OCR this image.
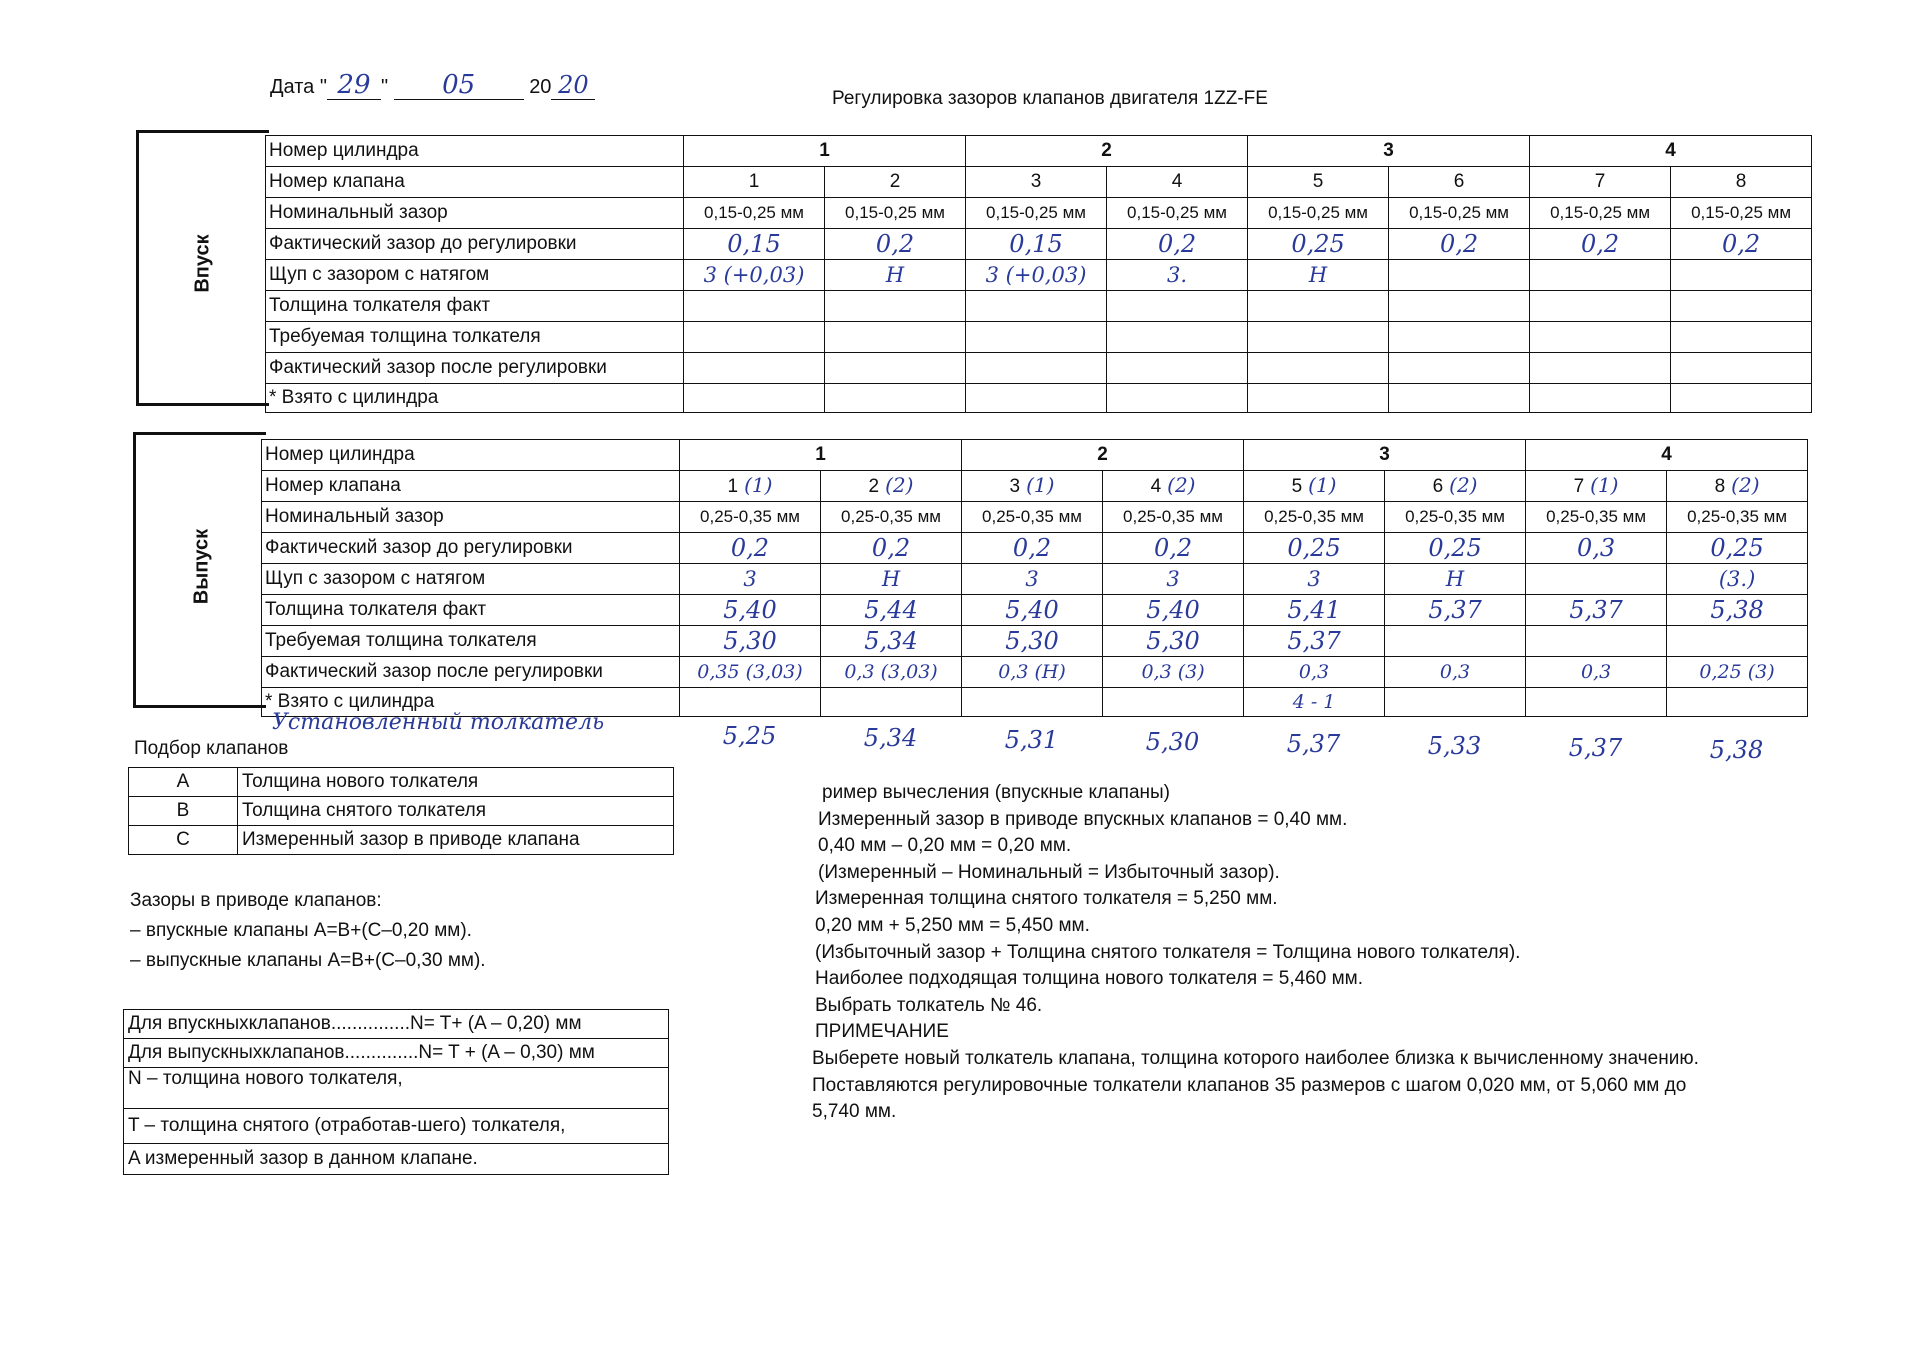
Дата " 29 " 05	20 20	Регулировка зазоров клапанов двигателя 1ZZ-FE
Впуск
Номер цилиндра	1		2		3		4	
Номер клапана	1	2	3	4	5	6	7	8
Номинальный зазор	0,15-0,25 мм	0,15-0,25 мм	0,15-0,25 мм	0,15-0,25 мм	0,15-0,25 мм	0,15-0,25 мм	0,15-0,25 мм	0,15-0,25 мм
Фактический зазор до регулировки	0,15	0,2	0,15	0,2	0,25	0,2	0,2	0,2
Щуп с зазором с натягом	3 (+0,03)	Н	3 (+0,03)	3.	Н			
Толщина толкателя факт								
Требуемая толщина толкателя								
Фактический зазор после регулировки								
* Взято с цилиндра								
Выпуск
Номер цилиндра	1		2		3		4	
Номер клапана	1 (1)	2 (2)	3 (1)	4 (2)	5 (1)	6 (2)	7 (1)	8 (2)
Номинальный зазор	0,25-0,35 мм	0,25-0,35 мм	0,25-0,35 мм	0,25-0,35 мм	0,25-0,35 мм	0,25-0,35 мм	0,25-0,35 мм	0,25-0,35 мм
Фактический зазор до регулировки	0,2	0,2	0,2	0,2	0,25	0,25	0,3	0,25
Щуп с зазором с натягом	3	Н	3	3	3	Н		(3.)
Толщина толкателя факт	5,40	5,44	5,40	5,40	5,41	5,37	5,37	5,38
Требуемая толщина толкателя	5,30	5,34	5,30	5,30	5,37			
Фактический зазор после регулировки	0,35 (3,03)	0,3 (3,03)	0,3 (Н)	0,3 (3)	0,3	0,3	0,3	0,25 (3)
* Взято с цилиндра					4 - 1			
Установленный толкатель	5,25	5,34	5,31	5,30	5,37	5,33	5,37	5,38
Подбор клапанов
A	Толщина нового толкателя
B	Толщина снятого толкателя
C	Измеренный зазор в приводе клапана
Зазоры в приводе клапанов:
– впускные клапаны A=B+(C–0,20 мм).
– выпускные клапаны A=B+(C–0,30 мм).
Для впускныхклапанов...............N= T+ (A – 0,20) мм
Для выпускныхклапанов..............N= T + (A – 0,30) мм
N – толщина нового толкателя,
T – толщина снятого (отработав-шего) толкателя,
A измеренный зазор в данном клапане.
ример вычесления (впускные клапаны)
Измеренный зазор в приводе впускных клапанов = 0,40 мм.
0,40 мм – 0,20 мм = 0,20 мм.
(Измеренный – Номинальный = Избыточный зазор).
Измеренная толщина снятого толкателя = 5,250 мм.
0,20 мм + 5,250 мм = 5,450 мм.
(Избыточный зазор + Толщина снятого толкателя = Толщина нового толкателя).
Наиболее подходящая толщина нового толкателя = 5,460 мм.
Выбрать толкатель № 46.
ПРИМЕЧАНИЕ
Выберете новый толкатель клапана, толщина которого наиболее близка к вычисленному значению.
Поставляются регулировочные толкатели клапанов 35 размеров с шагом 0,020 мм, от 5,060 мм до
5,740 мм.
